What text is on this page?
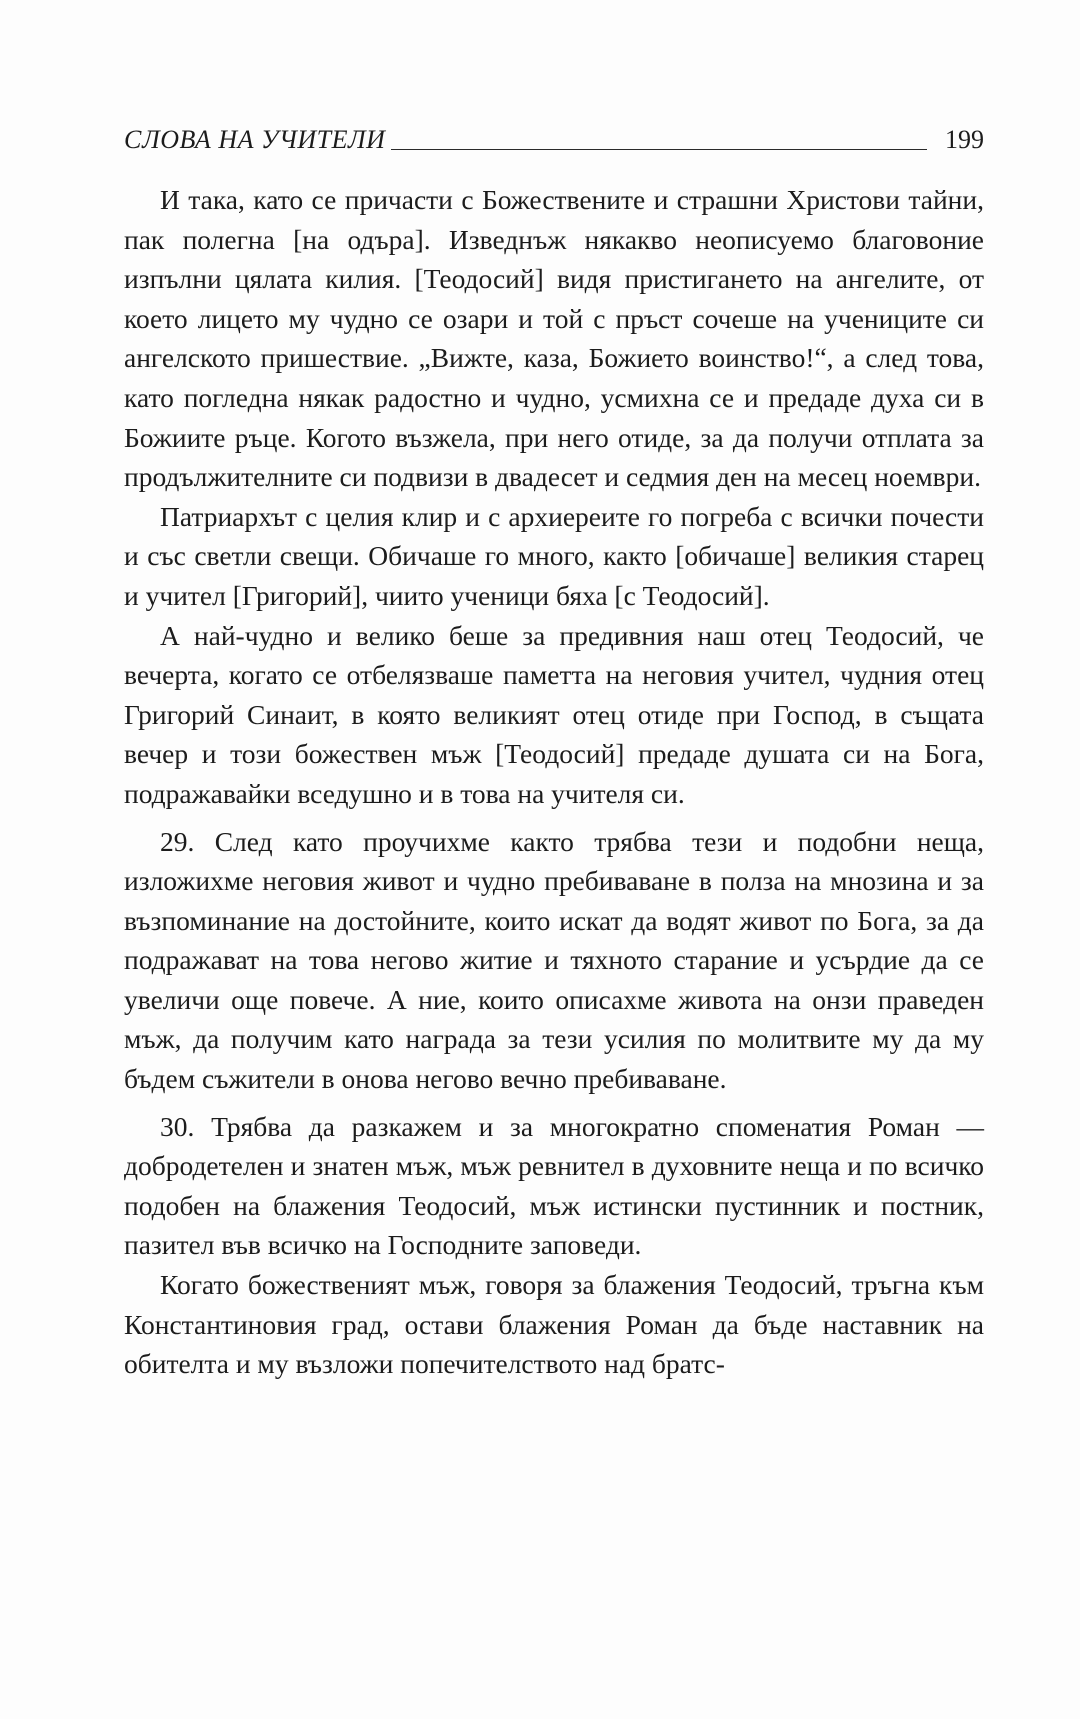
СЛОВА НА УЧИТЕЛИ	199

И така, като се причасти с Божествените и страшни Христови тайни, пак полегна [на одъра]. Изведнъж някакво неописуемо благовоние изпълни цялата килия. [Теодосий] видя пристигането на ангелите, от което лицето му чудно се озари и той с пръст сочеше на учениците си ангелското пришествие. „Вижте, каза, Божието воинство!“, а след това, като погледна някак радостно и чудно, усмихна се и предаде духа си в Божиите ръце. Когото възжела, при него отиде, за да получи отплата за продължителните си подвизи в двадесет и седмия ден на месец ноември.

Патриархът с целия клир и с архиереите го погреба с всички почести и със светли свещи. Обичаше го много, както [обичаше] великия старец и учител [Григорий], чиито ученици бяха [с Теодосий].

А най-чудно и велико беше за предивния наш отец Теодосий, че вечерта, когато се отбелязваше паметта на неговия учител, чудния отец Григорий Синаит, в която великият отец отиде при Господ, в същата вечер и този божествен мъж [Теодосий] предаде душата си на Бога, подражавайки вседушно и в това на учителя си.

29. След като проучихме както трябва тези и подобни неща, изложихме неговия живот и чудно пребиваване в полза на мнозина и за възпоминание на достойните, които искат да водят живот по Бога, за да подражават на това негово житие и тяхното старание и усърдие да се увеличи още повече. А ние, които описахме живота на онзи праведен мъж, да получим като награда за тези усилия по молитвите му да му бъдем съжители в онова негово вечно пребиваване.

30. Трябва да разкажем и за многократно споменатия Роман — добродетелен и знатен мъж, мъж ревнител в духовните неща и по всичко подобен на блажения Теодосий, мъж истински пустинник и постник, пазител във всичко на Господните заповеди.

Когато божественият мъж, говоря за блажения Теодосий, тръгна към Константиновия град, остави блажения Роман да бъде наставник на обителта и му възложи попечителството над братс-
